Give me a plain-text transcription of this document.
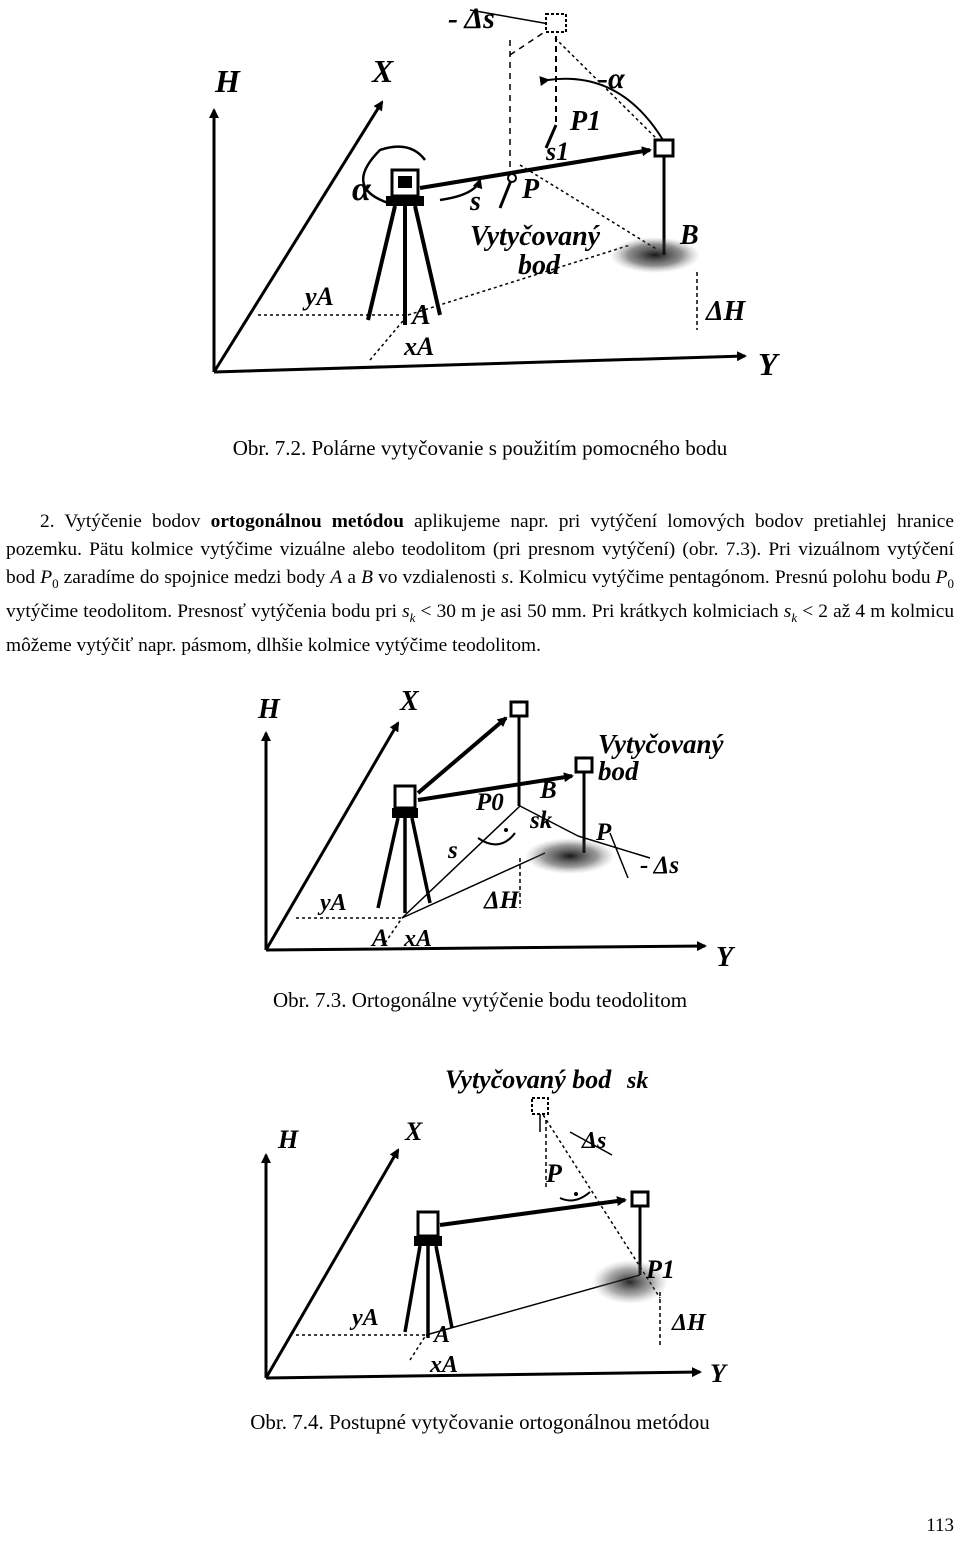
H	X
Y
- Δs
-α
α
P1
s1
s P
Vytyčovaný
bod
B
yA
A
xA
ΔH
Obr. 7.2. Polárne vytyčovanie s použitím pomocného bodu
2. Vytýčenie bodov ortogonálnou metódou aplikujeme napr. pri vytýčení lomových bodov pretiahlej hranice pozemku. Pätu kolmice vytýčime vizuálne alebo teodolitom (pri presnom vytýčení) (obr. 7.3). Pri vizuálnom vytýčení bod $P_0$ zaradíme do spojnice medzi body A a B vo vzdialenosti s. Kolmicu vytýčime pentagónom. Presnú polohu bodu $P_0$ vytýčime teodolitom. Presnosť vytýčenia bodu pri $s_k < 30$ m je asi 50 mm. Pri krátkych kolmiciach $s_k < 2$ až 4 m kolmicu môžeme vytýčiť napr. pásmom, dlhšie kolmice vytýčime teodolitom.
H	X
Y
Vytyčovaný
bod
P0 B
sk P
- Δs
s
yA	ΔH
A xA
Obr. 7.3. Ortogonálne vytýčenie bodu teodolitom
Vytyčovaný bod sk
H	X	Δs
P
P1
yA
A	ΔH
xA	Y
Obr. 7.4. Postupné vytyčovanie ortogonálnou metódou
113
